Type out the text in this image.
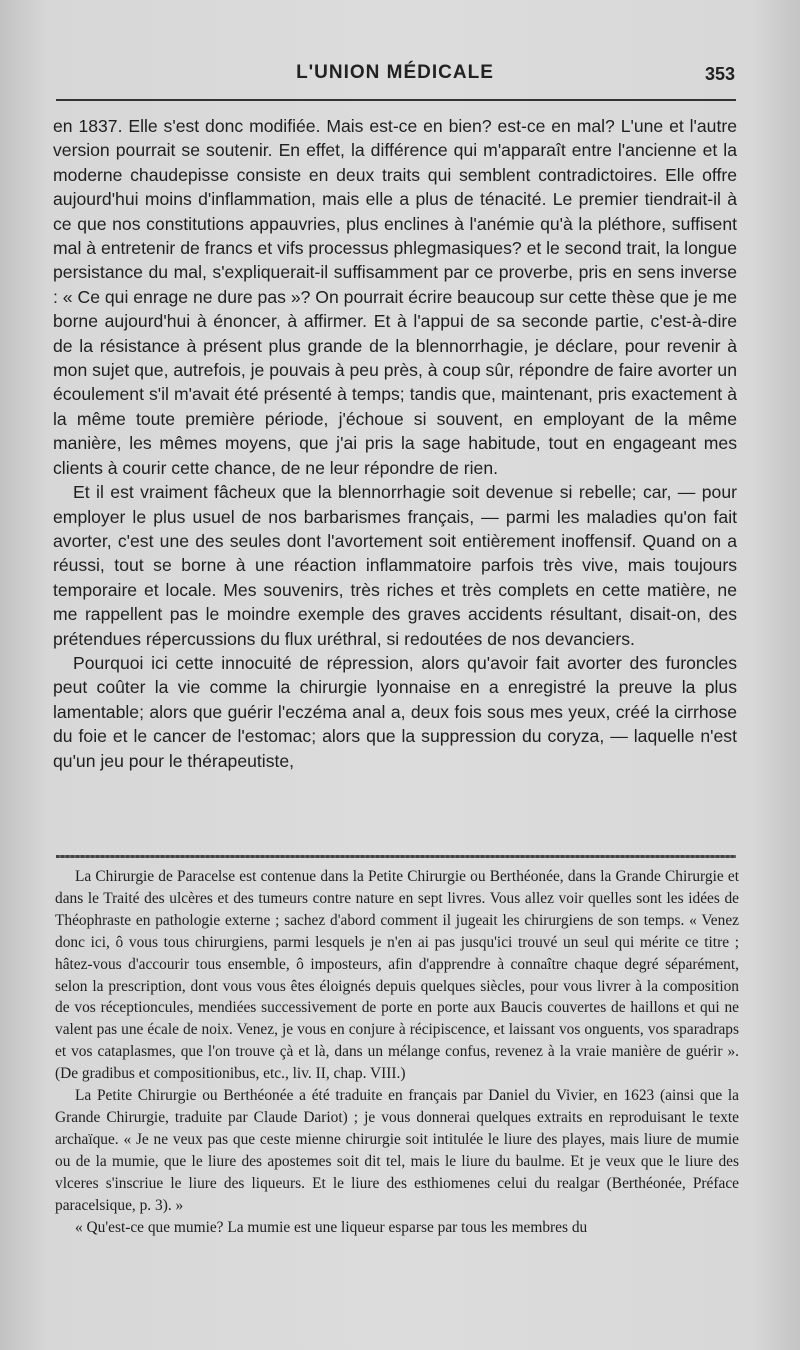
L'UNION MÉDICALE	353

en 1837. Elle s'est donc modifiée. Mais est-ce en bien? est-ce en mal? L'une et l'autre version pourrait se soutenir. En effet, la différence qui m'apparaît entre l'ancienne et la moderne chaudepisse consiste en deux traits qui semblent contradictoires. Elle offre aujourd'hui moins d'inflammation, mais elle a plus de ténacité. Le premier tiendrait-il à ce que nos constitutions appauvries, plus enclines à l'anémie qu'à la pléthore, suffisent mal à entretenir de francs et vifs processus phlegmasiques? et le second trait, la longue persistance du mal, s'expliquerait-il suffisamment par ce proverbe, pris en sens inverse : « Ce qui enrage ne dure pas »? On pourrait écrire beaucoup sur cette thèse que je me borne aujourd'hui à énoncer, à affirmer. Et à l'appui de sa seconde partie, c'est-à-dire de la résistance à présent plus grande de la blennorrhagie, je déclare, pour revenir à mon sujet que, autrefois, je pouvais à peu près, à coup sûr, répondre de faire avorter un écoulement s'il m'avait été présenté à temps; tandis que, maintenant, pris exactement à la même toute première période, j'échoue si souvent, en employant de la même manière, les mêmes moyens, que j'ai pris la sage habitude, tout en engageant mes clients à courir cette chance, de ne leur répondre de rien.

Et il est vraiment fâcheux que la blennorrhagie soit devenue si rebelle; car, — pour employer le plus usuel de nos barbarismes français, — parmi les maladies qu'on fait avorter, c'est une des seules dont l'avortement soit entièrement inoffensif. Quand on a réussi, tout se borne à une réaction inflammatoire parfois très vive, mais toujours temporaire et locale. Mes souvenirs, très riches et très complets en cette matière, ne me rappellent pas le moindre exemple des graves accidents résultant, disait-on, des prétendues répercussions du flux uréthral, si redoutées de nos devanciers.

Pourquoi ici cette innocuité de répression, alors qu'avoir fait avorter des furoncles peut coûter la vie comme la chirurgie lyonnaise en a enregistré la preuve la plus lamentable; alors que guérir l'eczéma anal a, deux fois sous mes yeux, créé la cirrhose du foie et le cancer de l'estomac; alors que la suppression du coryza, — laquelle n'est qu'un jeu pour le thérapeutiste,

La Chirurgie de Paracelse est contenue dans la Petite Chirurgie ou Berthéonée, dans la Grande Chirurgie et dans le Traité des ulcères et des tumeurs contre nature en sept livres. Vous allez voir quelles sont les idées de Théophraste en pathologie externe ; sachez d'abord comment il jugeait les chirurgiens de son temps. « Venez donc ici, ô vous tous chirurgiens, parmi lesquels je n'en ai pas jusqu'ici trouvé un seul qui mérite ce titre ; hâtez-vous d'accourir tous ensemble, ô imposteurs, afin d'apprendre à connaître chaque degré séparément, selon la prescription, dont vous vous êtes éloignés depuis quelques siècles, pour vous livrer à la composition de vos réceptioncules, mendiées successivement de porte en porte aux Baucis couvertes de haillons et qui ne valent pas une écale de noix. Venez, je vous en conjure à récipiscence, et laissant vos onguents, vos sparadraps et vos cataplasmes, que l'on trouve çà et là, dans un mélange confus, revenez à la vraie manière de guérir ». (De gradibus et compositionibus, etc., liv. II, chap. VIII.)

La Petite Chirurgie ou Berthéonée a été traduite en français par Daniel du Vivier, en 1623 (ainsi que la Grande Chirurgie, traduite par Claude Dariot) ; je vous donnerai quelques extraits en reproduisant le texte archaïque. « Je ne veux pas que ceste mienne chirurgie soit intitulée le liure des playes, mais liure de mumie ou de la mumie, que le liure des apostemes soit dit tel, mais le liure du baulme. Et je veux que le liure des vlceres s'inscriue le liure des liqueurs. Et le liure des esthiomenes celui du realgar (Berthéonée, Préface paracelsique, p. 3). »

« Qu'est-ce que mumie? La mumie est une liqueur esparse par tous les membres du
